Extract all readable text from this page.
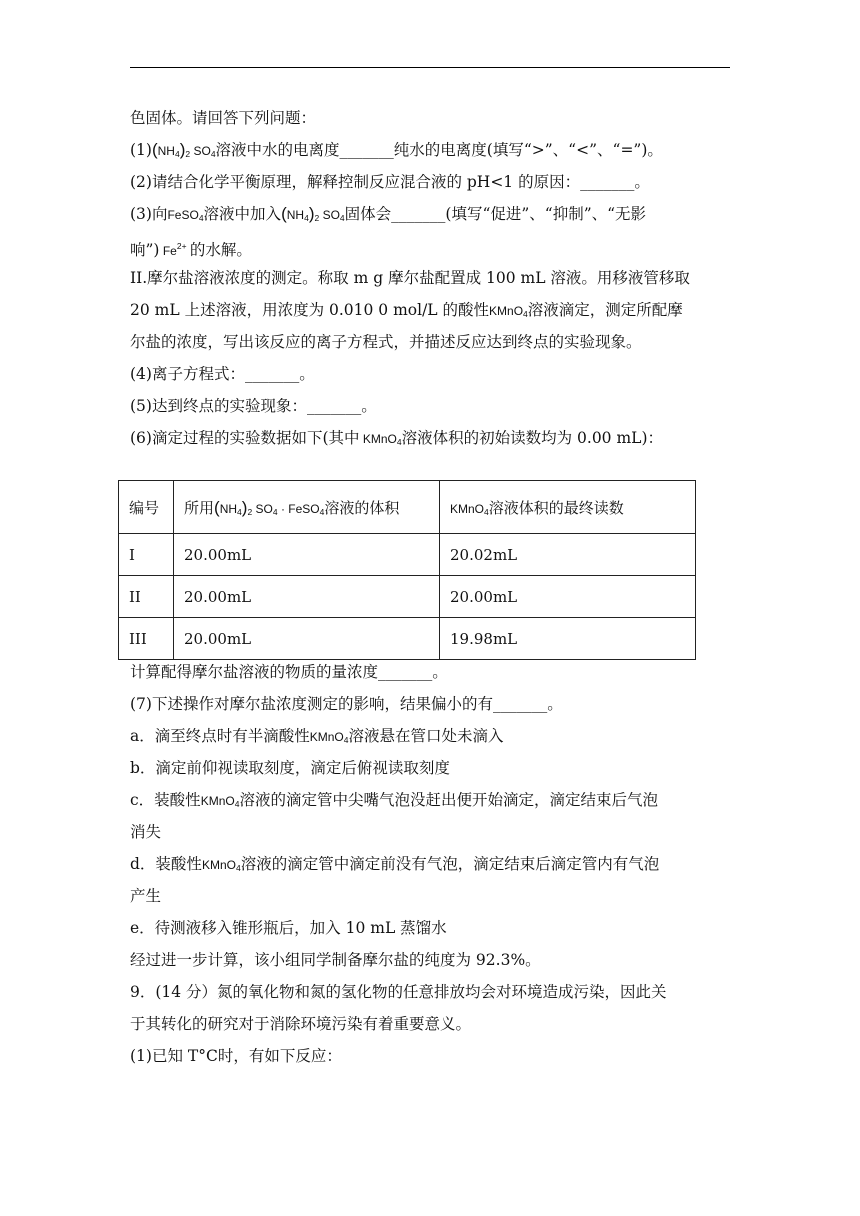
色固体。请回答下列问题：
$(1)(NH_4)_2$ $SO_4$溶液中水的电离度_______纯水的电离度(填写“>”、“<”、“=”)。
(2)请结合化学平衡原理，解释控制反应混合液的 pH<1 的原因：_______。
(3)向FeSO$_4$溶液中加入$(NH_4)_2$ $SO_4$固体会_______(填写“促进”、“抑制”、“无影
响”) $Fe^{2+}$ 的水解。
II.摩尔盐溶液浓度的测定。称取 m g 摩尔盐配置成 100 mL 溶液。用移液管移取
20 mL 上述溶液，用浓度为 0.010 0 mol/L 的酸性KMnO$_4$溶液滴定，测定所配摩
尔盐的浓度，写出该反应的离子方程式，并描述反应达到终点的实验现象。
(4)离子方程式：_______。
(5)达到终点的实验现象：_______。
(6)滴定过程的实验数据如下(其中 KMnO$_4$溶液体积的初始读数均为 0.00 mL)：
编号	所用$(NH_4)_2$ $SO_4$ · FeSO$_4$溶液的体积	KMnO$_4$溶液体积的最终读数
I	20.00mL	20.02mL
II	20.00mL	20.00mL
III	20.00mL	19.98mL
计算配得摩尔盐溶液的物质的量浓度_______。
(7)下述操作对摩尔盐浓度测定的影响，结果偏小的有_______。
a．滴至终点时有半滴酸性KMnO$_4$溶液悬在管口处未滴入
b．滴定前仰视读取刻度，滴定后俯视读取刻度
c．装酸性KMnO$_4$溶液的滴定管中尖嘴气泡没赶出便开始滴定，滴定结束后气泡
消失
d．装酸性KMnO$_4$溶液的滴定管中滴定前没有气泡，滴定结束后滴定管内有气泡
产生
e．待测液移入锥形瓶后，加入 10 mL 蒸馏水
经过进一步计算，该小组同学制备摩尔盐的纯度为 92.3%。
9．(14 分）氮的氧化物和氮的氢化物的任意排放均会对环境造成污染，因此关
于其转化的研究对于消除环境污染有着重要意义。
(1)已知 T°C时，有如下反应：
